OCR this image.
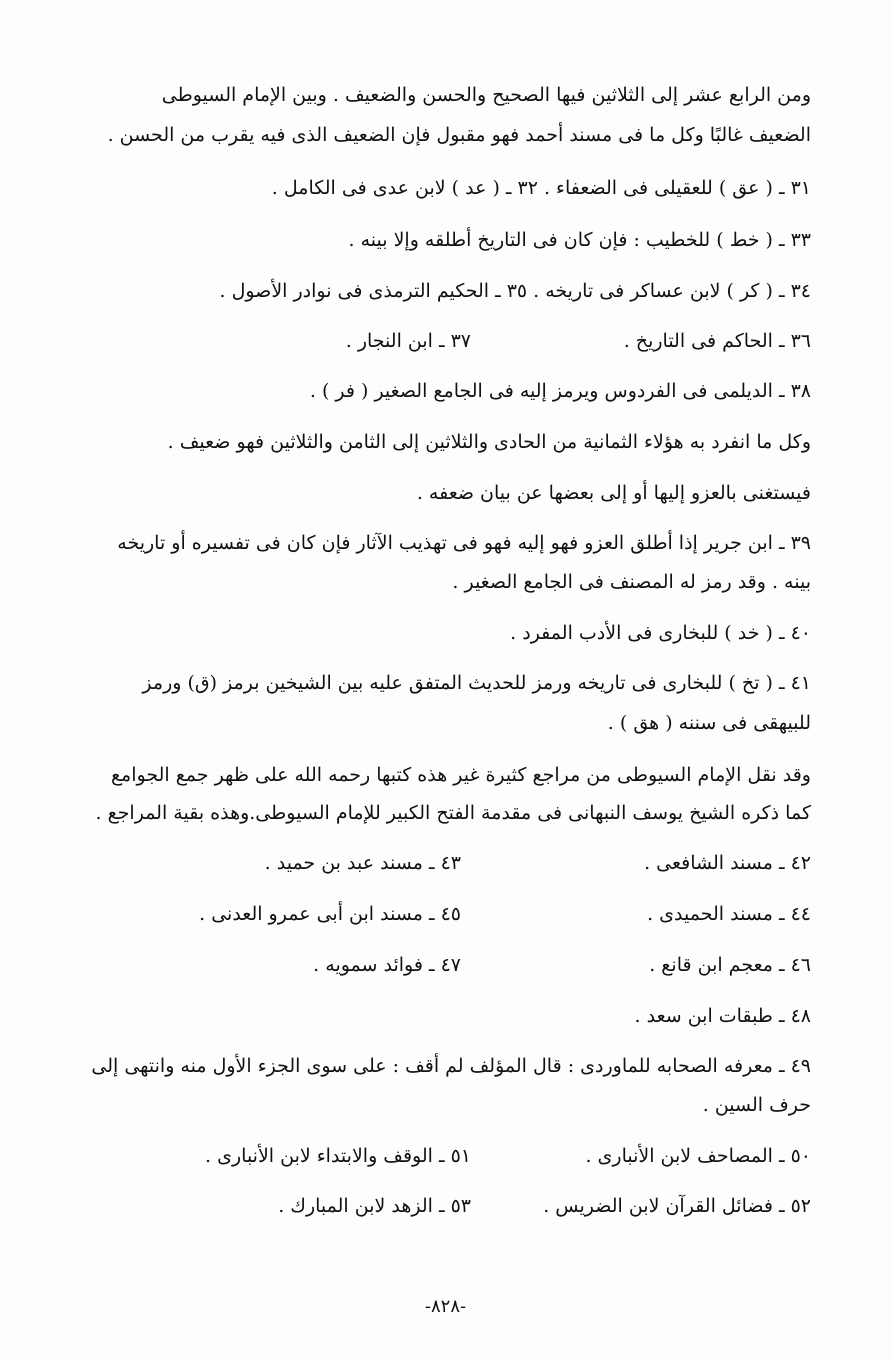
ومن الرابع عشر إلى الثلاثين فيها الصحيح والحسن والضعيف . وبين الإمام السيوطى
الضعيف غالبًا وكل ما فى مسند أحمد فهو مقبول فإن الضعيف الذى فيه يقرب من الحسن .
٣١ ـ ( عق ) للعقيلى فى الضعفاء . ٣٢ ـ ( عد ) لابن عدى فى الكامل .
٣٣ ـ ( خط ) للخطيب : فإن كان فى التاريخ أطلقه وإلا بينه .
٣٤ ـ ( كر ) لابن عساكر فى تاريخه . ٣٥ ـ الحكيم الترمذى فى نوادر الأصول .
٣٦ ـ الحاكم فى التاريخ .
٣٧ ـ ابن النجار .
٣٨ ـ الديلمى فى الفردوس ويرمز إليه فى الجامع الصغير ( فر ) .
وكل ما انفرد به هؤلاء الثمانية من الحادى والثلاثين إلى الثامن والثلاثين فهو ضعيف .
فيستغنى بالعزو إليها أو إلى بعضها عن بيان ضعفه .
٣٩ ـ ابن جرير إذا أطلق العزو فهو إليه فهو فى تهذيب الآثار فإن كان فى تفسيره أو تاريخه
بينه . وقد رمز له المصنف فى الجامع الصغير .
٤٠ ـ ( خد ) للبخارى فى الأدب المفرد .
٤١ ـ ( تخ ) للبخارى فى تاريخه ورمز للحديث المتفق عليه بين الشيخين برمز (ق) ورمز
للبيهقى فى سننه ( هق ) .
وقد نقل الإمام السيوطى من مراجع كثيرة غير هذه كتبها رحمه الله على ظهر جمع الجوامع
كما ذكره الشيخ يوسف النبهانى فى مقدمة الفتح الكبير للإمام السيوطى.وهذه بقية المراجع .
٤٢ ـ مسند الشافعى .
٤٣ ـ مسند عبد بن حميد .
٤٤ ـ مسند الحميدى .
٤٥ ـ مسند ابن أبى عمرو العدنى .
٤٦ ـ معجم ابن قانع .
٤٧ ـ فوائد سمويه .
٤٨ ـ طبقات ابن سعد .
٤٩ ـ معرفه الصحابه للماوردى : قال المؤلف لم أقف : على سوى الجزء الأول منه وانتهى إلى
حرف السين .
٥٠ ـ المصاحف لابن الأنبارى .
٥١ ـ الوقف والابتداء لابن الأنبارى .
٥٢ ـ فضائل القرآن لابن الضريس .
٥٣ ـ الزهد لابن المبارك .
-٨٢٨-
